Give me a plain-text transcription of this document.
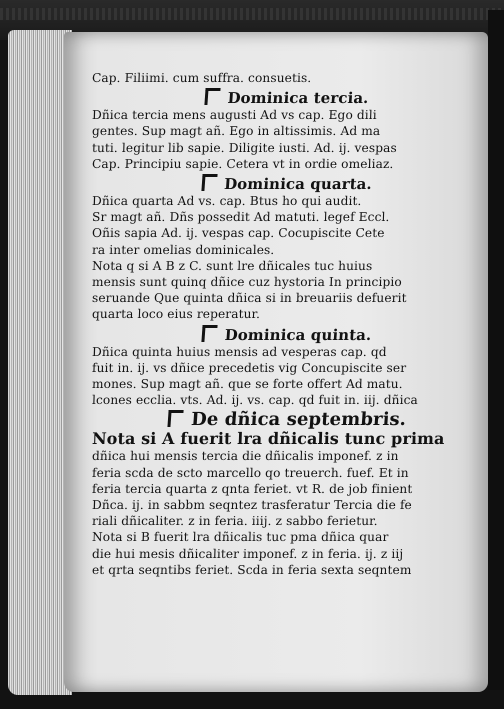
Cap. Filiimi. cum suffra. consuetis.
Dominica tercia.
Dñica tercia mens augusti Ad vs cap. Ego dili
gentes. Sup magt añ. Ego in altissimis. Ad ma
tuti. legitur lib sapie. Diligite iusti. Ad. ij. vespas
Cap. Principiu sapie. Cetera vt in ordie omeliaz.
Dominica quarta.
Dñica quarta Ad vs. cap. Btus ho qui audit.
Sr magt añ. Dñs possedit Ad matuti. legef Eccl.
Oñis sapia Ad. ij. vespas cap. Cocupiscite Cete
ra inter omelias dominicales.
Nota q si A B z C. sunt lre dñicales tuc huius
mensis sunt quinq dñice cuz hystoria In principio
seruande Que quinta dñica si in breuariis defuerit
quarta loco eius reperatur.
Dominica quinta.
Dñica quinta huius mensis ad vesperas cap. qd
fuit in. ij. vs dñice precedetis vig Concupiscite ser
mones. Sup magt añ. que se forte offert Ad matu.
lcones ecclia. vts. Ad. ij. vs. cap. qd fuit in. iij. dñica
De dñica septembris.
Nota si A fuerit lra dñicalis tunc prima
dñica hui mensis tercia die dñicalis imponef. z in
feria scda de scto marcello qo treuerch. fuef. Et in
feria tercia quarta z qnta feriet. vt R. de job finient
Dñca. ij. in sabbm seqntez trasferatur Tercia die fe
riali dñicaliter. z in feria. iiij. z sabbo ferietur.
Nota si B fuerit lra dñicalis tuc pma dñica quar
die hui mesis dñicaliter imponef. z in feria. ij. z iij
et qrta seqntibs feriet. Scda in feria sexta seqntem
